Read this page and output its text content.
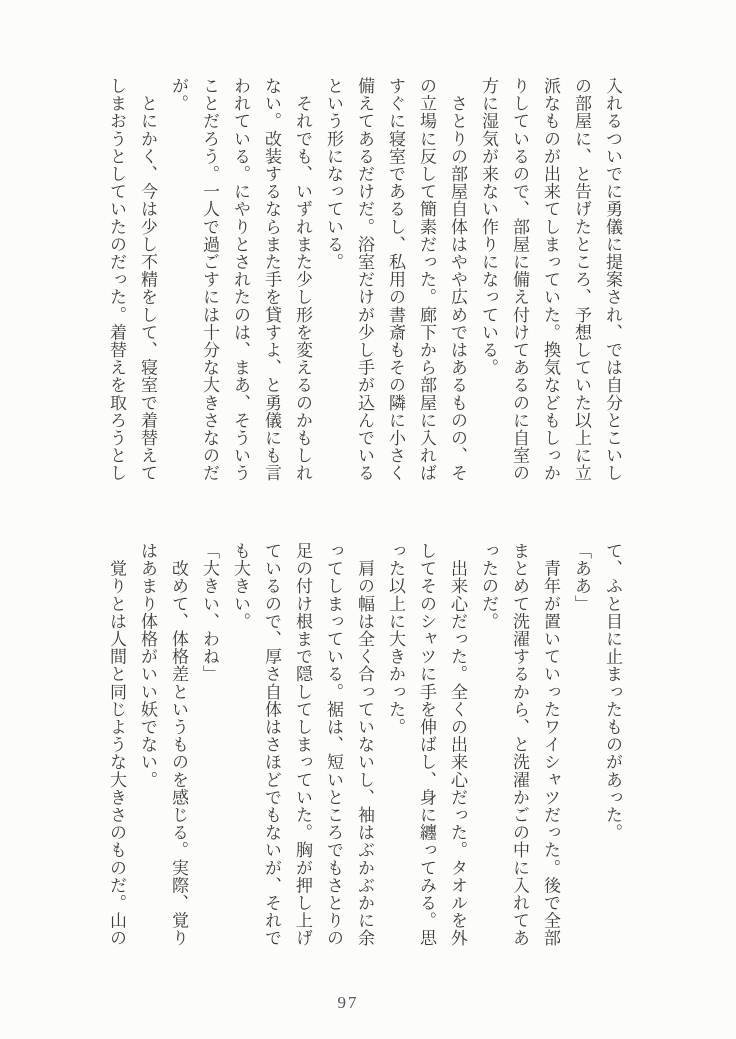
入れるついでに勇儀に提案され、では自分とこいし
の部屋に、と告げたところ、予想していた以上に立
派なものが出来てしまっていた。換気などもしっか
りしているので、部屋に備え付けてあるのに自室の
方に湿気が来ない作りになっている。
　さとりの部屋自体はやや広めではあるものの、そ
の立場に反して簡素だった。廊下から部屋に入れば
すぐに寝室であるし、私用の書斎もその隣に小さく
備えてあるだけだ。浴室だけが少し手が込んでいる
という形になっている。
　それでも、いずれまた少し形を変えるのかもしれ
ない。改装するならまた手を貸すよ、と勇儀にも言
われている。にやりとされたのは、まあ、そういう
ことだろう。一人で過ごすには十分な大きさなのだ
が。
　とにかく、今は少し不精をして、寝室で着替えて
しまおうとしていたのだった。着替えを取ろうとし
て、ふと目に止まったものがあった。
「ああ」
　青年が置いていったワイシャツだった。後で全部
まとめて洗濯するから、と洗濯かごの中に入れてあ
ったのだ。
　出来心だった。全くの出来心だった。タオルを外
してそのシャツに手を伸ばし、身に纏ってみる。思
った以上に大きかった。
　肩の幅は全く合っていないし、袖はぶかぶかに余
ってしまっている。裾は、短いところでもさとりの
足の付け根まで隠してしまっていた。胸が押し上げ
ているので、厚さ自体はさほどでもないが、それで
も大きい。
「大きい、わね」
　改めて、体格差というものを感じる。実際、覚り
はあまり体格がいい妖でない。
　覚りとは人間と同じような大きさのものだ。山の
97
